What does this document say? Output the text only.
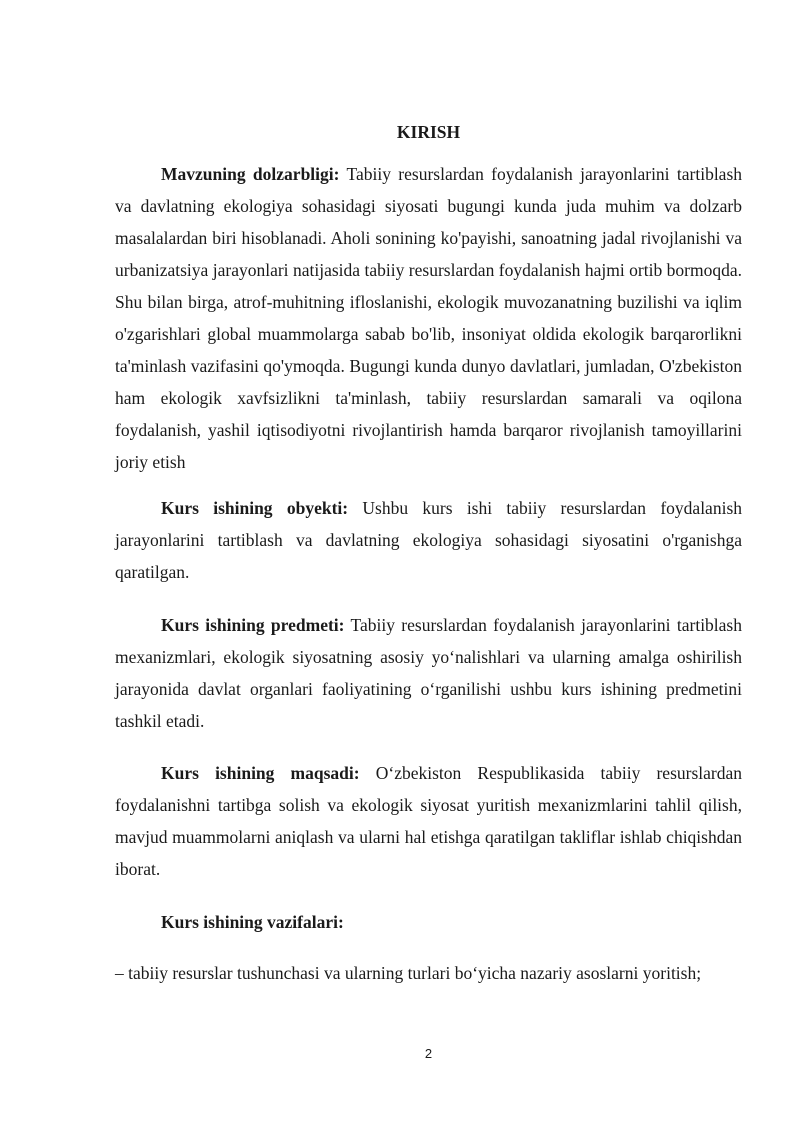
KIRISH

Mavzuning dolzarbligi: Tabiiy resurslardan foydalanish jarayonlarini tartiblash va davlatning ekologiya sohasidagi siyosati bugungi kunda juda muhim va dolzarb masalalardan biri hisoblanadi. Aholi sonining ko'payishi, sanoatning jadal rivojlanishi va urbanizatsiya jarayonlari natijasida tabiiy resurslardan foydalanish hajmi ortib bormoqda. Shu bilan birga, atrof-muhitning ifloslanishi, ekologik muvozanatning buzilishi va iqlim o'zgarishlari global muammolarga sabab bo'lib, insoniyat oldida ekologik barqarorlikni ta'minlash vazifasini qo'ymoqda. Bugungi kunda dunyo davlatlari, jumladan, O'zbekiston ham ekologik xavfsizlikni ta'minlash, tabiiy resurslardan samarali va oqilona foydalanish, yashil iqtisodiyotni rivojlantirish hamda barqaror rivojlanish tamoyillarini joriy etish

Kurs ishining obyekti: Ushbu kurs ishi tabiiy resurslardan foydalanish jarayonlarini tartiblash va davlatning ekologiya sohasidagi siyosatini o'rganishga qaratilgan.

Kurs ishining predmeti: Tabiiy resurslardan foydalanish jarayonlarini tartiblash mexanizmlari, ekologik siyosatning asosiy yo‘nalishlari va ularning amalga oshirilish jarayonida davlat organlari faoliyatining o‘rganilishi ushbu kurs ishining predmetini tashkil etadi.

Kurs ishining maqsadi: O‘zbekiston Respublikasida tabiiy resurslardan foydalanishni tartibga solish va ekologik siyosat yuritish mexanizmlarini tahlil qilish, mavjud muammolarni aniqlash va ularni hal etishga qaratilgan takliflar ishlab chiqishdan iborat.

Kurs ishining vazifalari:

– tabiiy resurslar tushunchasi va ularning turlari bo‘yicha nazariy asoslarni yoritish;

2
